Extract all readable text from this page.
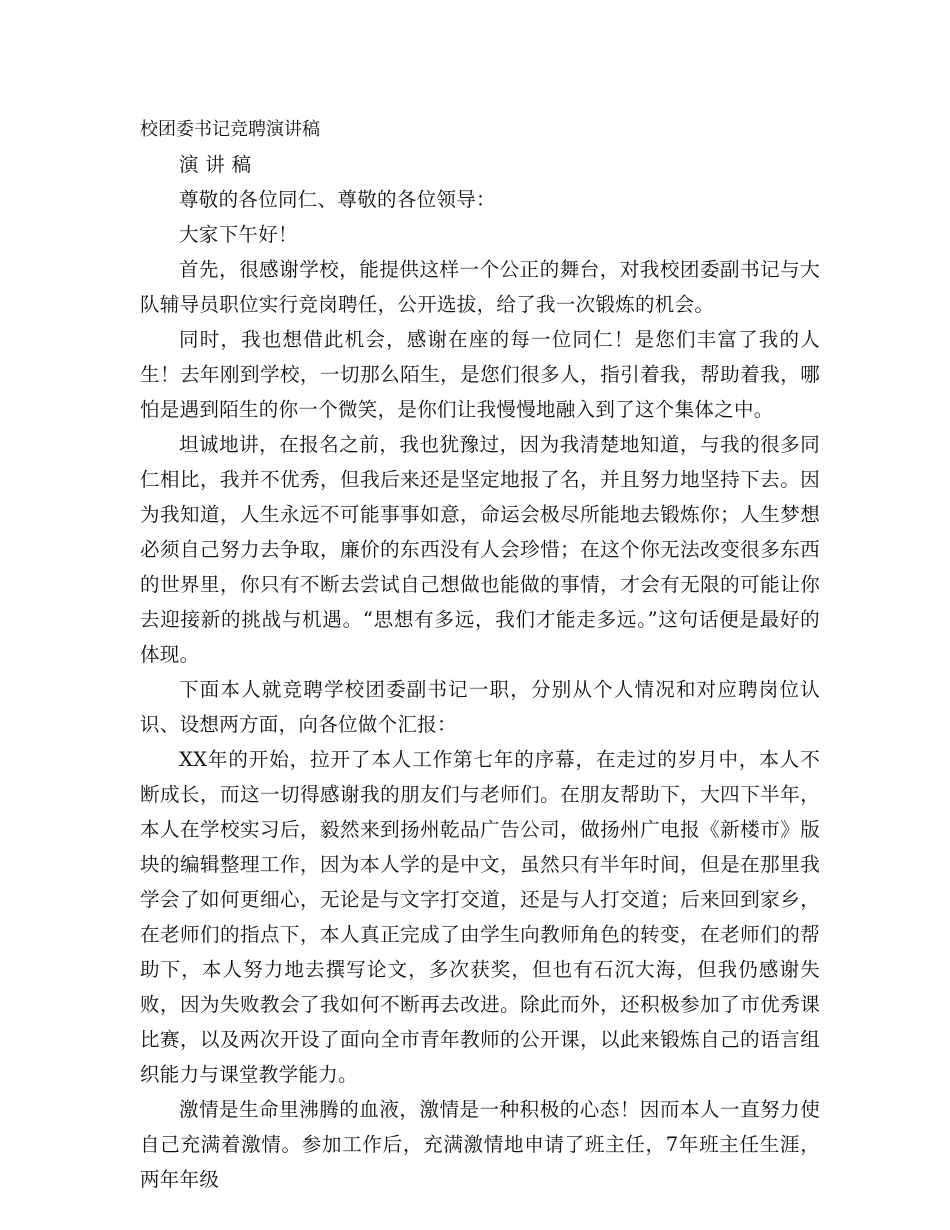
校团委书记竞聘演讲稿

演 讲 稿

尊敬的各位同仁、尊敬的各位领导：

大家下午好！

首先，很感谢学校，能提供这样一个公正的舞台，对我校团委副书记与大队辅导员职位实行竞岗聘任，公开选拔，给了我一次锻炼的机会。

同时，我也想借此机会，感谢在座的每一位同仁！是您们丰富了我的人生！去年刚到学校，一切那么陌生，是您们很多人，指引着我，帮助着我，哪怕是遇到陌生的你一个微笑，是你们让我慢慢地融入到了这个集体之中。

坦诚地讲，在报名之前，我也犹豫过，因为我清楚地知道，与我的很多同仁相比，我并不优秀，但我后来还是坚定地报了名，并且努力地坚持下去。因为我知道，人生永远不可能事事如意，命运会极尽所能地去锻炼你；人生梦想必须自己努力去争取，廉价的东西没有人会珍惜；在这个你无法改变很多东西的世界里，你只有不断去尝试自己想做也能做的事情，才会有无限的可能让你去迎接新的挑战与机遇。“思想有多远，我们才能走多远。”这句话便是最好的体现。

下面本人就竞聘学校团委副书记一职，分别从个人情况和对应聘岗位认识、设想两方面，向各位做个汇报：

XX年的开始，拉开了本人工作第七年的序幕，在走过的岁月中，本人不断成长，而这一切得感谢我的朋友们与老师们。在朋友帮助下，大四下半年，本人在学校实习后，毅然来到扬州乾品广告公司，做扬州广电报《新楼市》版块的编辑整理工作，因为本人学的是中文，虽然只有半年时间，但是在那里我学会了如何更细心，无论是与文字打交道，还是与人打交道；后来回到家乡，在老师们的指点下，本人真正完成了由学生向教师角色的转变，在老师们的帮助下，本人努力地去撰写论文，多次获奖，但也有石沉大海，但我仍感谢失败，因为失败教会了我如何不断再去改进。除此而外，还积极参加了市优秀课比赛，以及两次开设了面向全市青年教师的公开课，以此来锻炼自己的语言组织能力与课堂教学能力。

激情是生命里沸腾的血液，激情是一种积极的心态！因而本人一直努力使自己充满着激情。参加工作后，充满激情地申请了班主任，7年班主任生涯，两年年级
